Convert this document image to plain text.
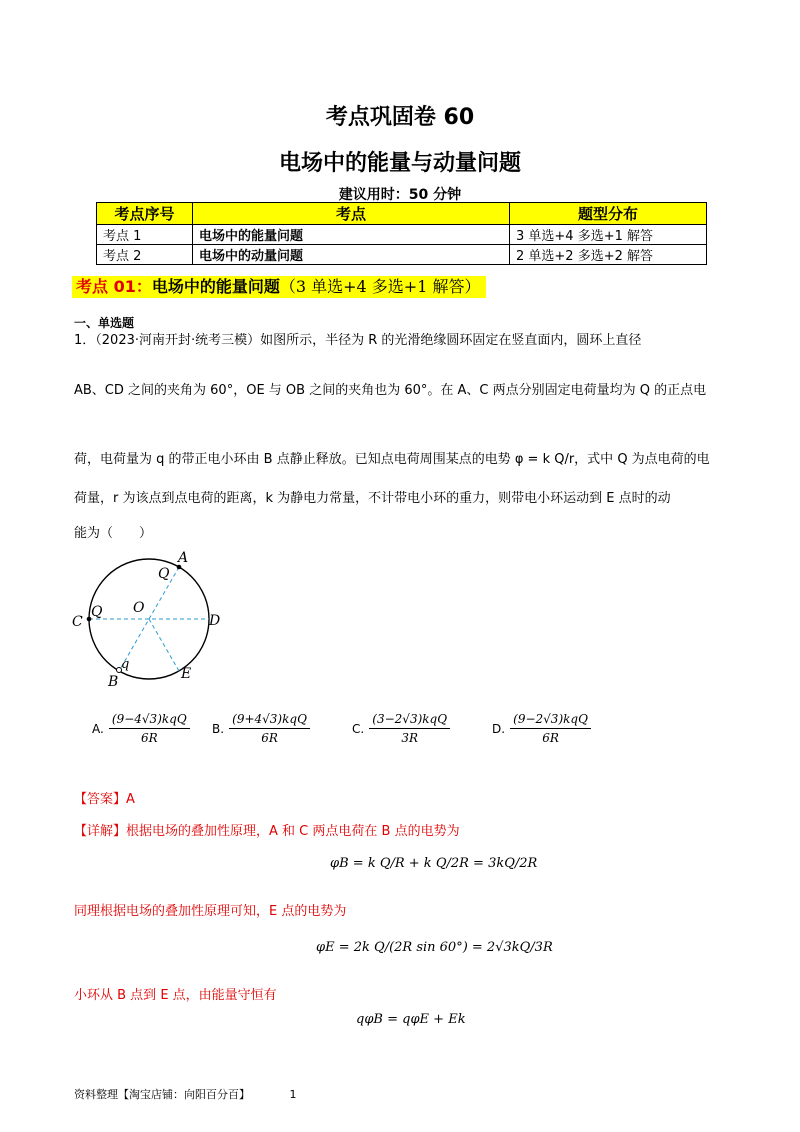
考点巩固卷 60
电场中的能量与动量问题
建议用时：50 分钟
考点序号	考点	题型分布
考点 1	电场中的能量问题	3 单选+4 多选+1 解答
考点 2	电场中的动量问题	2 单选+2 多选+2 解答
考点 01：电场中的能量问题（3 单选+4 多选+1 解答）
一、单选题
1．（2023·河南开封·统考三模）如图所示，半径为 R 的光滑绝缘圆环固定在竖直面内，圆环上直径
AB、CD 之间的夹角为 60°，OE 与 OB 之间的夹角也为 60°。在 A、C 两点分别固定电荷量均为 Q 的正点电
荷，电荷量为 q 的带正电小环由 B 点静止释放。已知点电荷周围某点的电势 φ = k Q/r，式中 Q 为点电荷的电
荷量，r 为该点到点电荷的距离，k 为静电力常量，不计带电小环的重力，则带电小环运动到 E 点时的动
能为（　　）
A
Q
O
C
Q
D
q
B	E
A. $\frac{\text{(9−4√3)kqQ}}{6R} B$. $\frac{\text{(9+4√3)kqQ}}{6R}$	C. $\frac{\text{(3−2√3)kqQ}}{3R}$	D. $\frac{\text{(9−2√3)kqQ}}{6R}$
【答案】A
【详解】根据电场的叠加性原理，A 和 C 两点电荷在 B 点的电势为
φB = k Q/R + k Q/2R = 3kQ/2R
同理根据电场的叠加性原理可知，E 点的电势为
φE = 2k Q/(2R sin 60°) = 2√3kQ/3R
小环从 B 点到 E 点，由能量守恒有
qφB = qφE + Ek
资料整理【淘宝店铺：向阳百分百】	1
